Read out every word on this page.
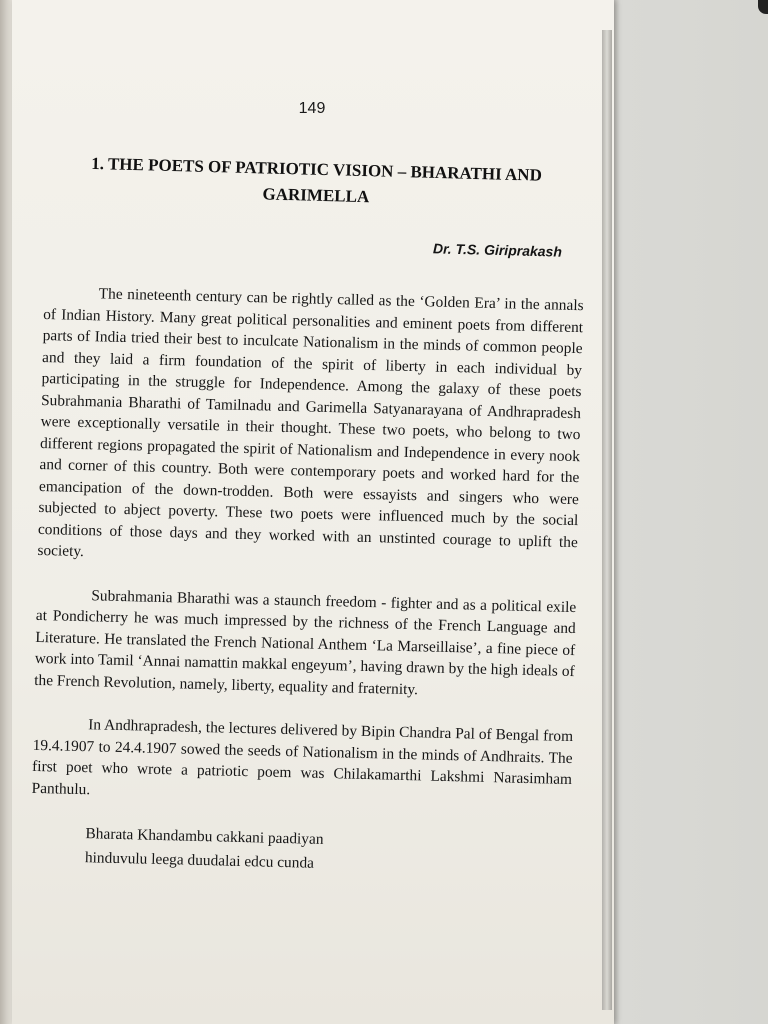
149
1. THE POETS OF PATRIOTIC VISION – BHARATHI AND GARIMELLA
Dr. T.S. Giriprakash

The nineteenth century can be rightly called as the ‘Golden Era’ in the annals of Indian History. Many great political personalities and eminent poets from different parts of India tried their best to inculcate Nationalism in the minds of common people and they laid a firm foundation of the spirit of liberty in each individual by participating in the struggle for Independence. Among the galaxy of these poets Subrahmania Bharathi of Tamilnadu and Garimella Satyanarayana of Andhrapradesh were exceptionally versatile in their thought. These two poets, who belong to two different regions propagated the spirit of Nationalism and Independence in every nook and corner of this country. Both were contemporary poets and worked hard for the emancipation of the down-trodden. Both were essayists and singers who were subjected to abject poverty. These two poets were influenced much by the social conditions of those days and they worked with an unstinted courage to uplift the society.

Subrahmania Bharathi was a staunch freedom - fighter and as a political exile at Pondicherry he was much impressed by the richness of the French Language and Literature. He translated the French National Anthem ‘La Marseillaise’, a fine piece of work into Tamil ‘Annai namattin makkal engeyum’, having drawn by the high ideals of the French Revolution, namely, liberty, equality and fraternity.

In Andhrapradesh, the lectures delivered by Bipin Chandra Pal of Bengal from 19.4.1907 to 24.4.1907 sowed the seeds of Nationalism in the minds of Andhraits. The first poet who wrote a patriotic poem was Chilakamarthi Lakshmi Narasimham Panthulu.

Bharata Khandambu cakkani paadiyan
hinduvulu leega duudalai edcu cunda
